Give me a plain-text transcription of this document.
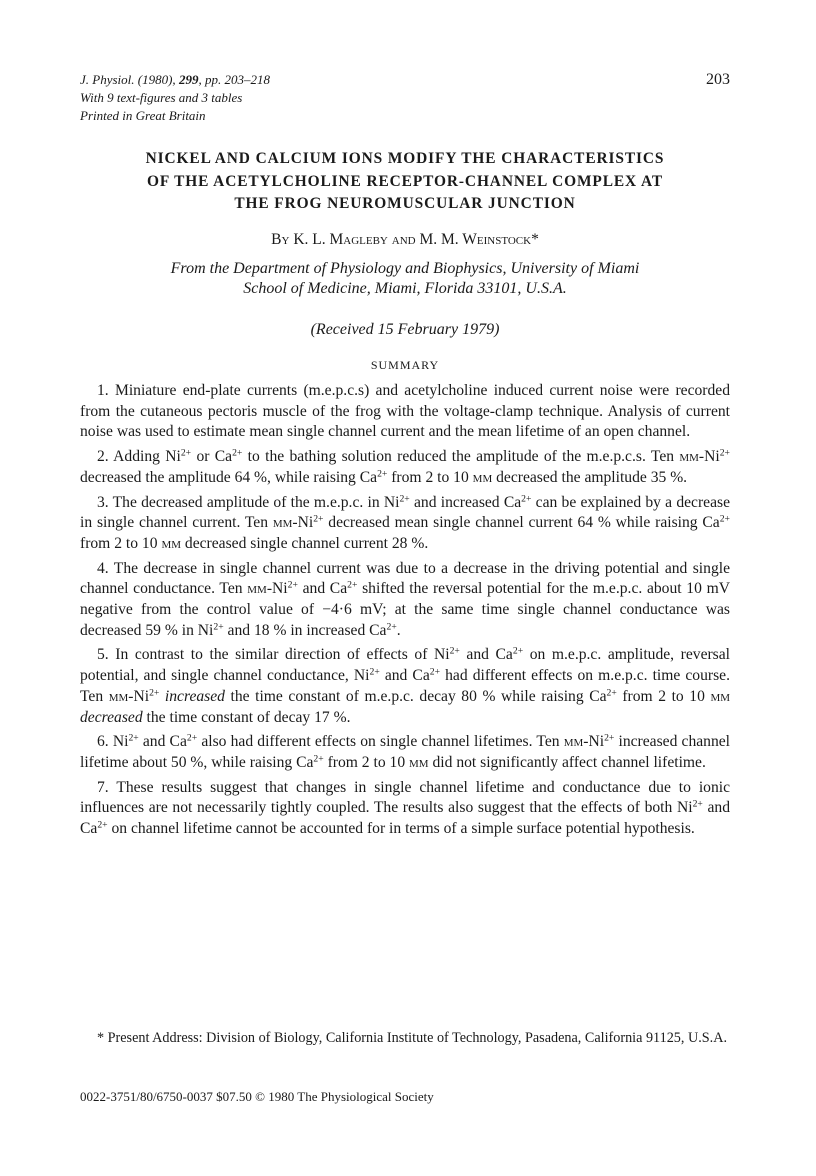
J. Physiol. (1980), 299, pp. 203–218
With 9 text-figures and 3 tables
Printed in Great Britain
203
NICKEL AND CALCIUM IONS MODIFY THE CHARACTERISTICS
OF THE ACETYLCHOLINE RECEPTOR-CHANNEL COMPLEX AT
THE FROG NEUROMUSCULAR JUNCTION
By K. L. Magleby and M. M. Weinstock*
From the Department of Physiology and Biophysics, University of Miami
School of Medicine, Miami, Florida 33101, U.S.A.
(Received 15 February 1979)
SUMMARY

1. Miniature end-plate currents (m.e.p.c.s) and acetylcholine induced current noise were recorded from the cutaneous pectoris muscle of the frog with the voltage-clamp technique. Analysis of current noise was used to estimate mean single channel current and the mean lifetime of an open channel.

2. Adding $Ni^{2+}$ or $Ca^{2+}$ to the bathing solution reduced the amplitude of the m.e.p.c.s. Ten $mm-Ni^{2+}$ decreased the amplitude 64 %, while raising $Ca^{2+}$ from 2 to 10 mm decreased the amplitude 35 %.

3. The decreased amplitude of the m.e.p.c. in $Ni^{2+}$ and increased $Ca^{2+}$ can be explained by a decrease in single channel current. Ten $mm-Ni^{2+}$ decreased mean single channel current 64 % while raising $Ca^{2+}$ from 2 to 10 mm decreased single channel current 28 %.

4. The decrease in single channel current was due to a decrease in the driving potential and single channel conductance. Ten $mm-Ni^{2+}$ and $Ca^{2+}$ shifted the reversal potential for the m.e.p.c. about 10 mV negative from the control value of −4·6 mV; at the same time single channel conductance was decreased 59 % in $Ni^{2+}$ and 18 % in increased $Ca^{2+}$.

5. In contrast to the similar direction of effects of $Ni^{2+}$ and $Ca^{2+}$ on m.e.p.c. amplitude, reversal potential, and single channel conductance, $Ni^{2+}$ and $Ca^{2+}$ had different effects on m.e.p.c. time course. Ten $mm-Ni^{2+}$ increased the time constant of m.e.p.c. decay 80 % while raising $Ca^{2+}$ from 2 to 10 mm decreased the time constant of decay 17 %.

6. $Ni^{2+}$ and $Ca^{2+}$ also had different effects on single channel lifetimes. Ten $mm-Ni^{2+}$ increased channel lifetime about 50 %, while raising $Ca^{2+}$ from 2 to 10 mm did not significantly affect channel lifetime.

7. These results suggest that changes in single channel lifetime and conductance due to ionic influences are not necessarily tightly coupled. The results also suggest that the effects of both $Ni^{2+}$ and $Ca^{2+}$ on channel lifetime cannot be accounted for in terms of a simple surface potential hypothesis.

* Present Address: Division of Biology, California Institute of Technology, Pasadena, California 91125, U.S.A.
0022-3751/80/6750-0037 $07.50 © 1980 The Physiological Society
